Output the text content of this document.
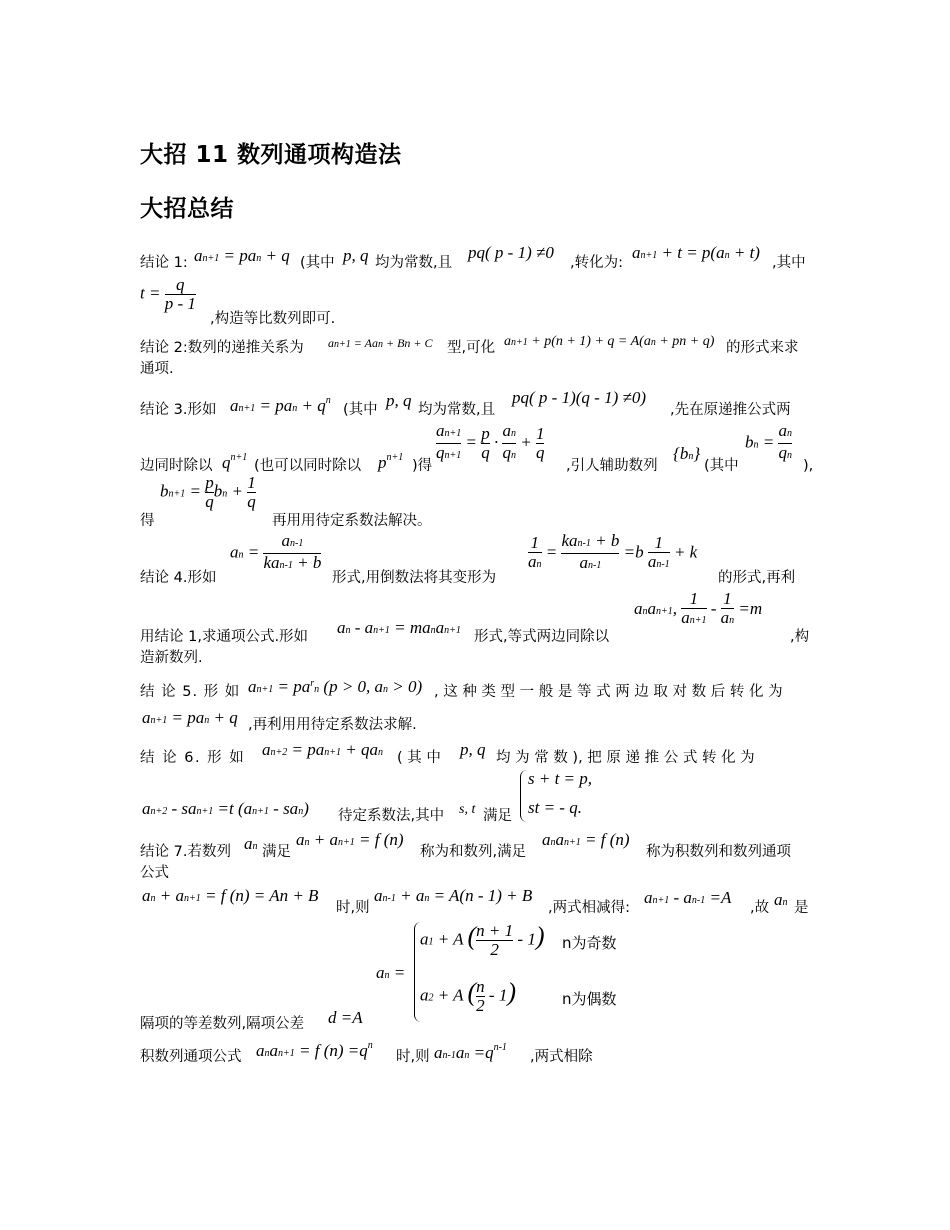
大招 11 数列通项构造法
大招总结
结论 1: an+1 = pan + q (其中 p, q 均为常数,且
pq( p - 1) ≠0
,转化为:
an+1 + t = p(an + t)
,其中
$t = \frac{q}{p - 1}$
,构造等比数列即可.
结论 2:数列的递推关系为 an+1 = Aan + Bn + C 型,可化 an+1 + p(n + 1) + q = A(an + pn + q) 的形式来求
通项.
结论 3.形如 an+1 = pan + $q^n$
(其中 p, q 均为常数,且
pq( p - 1)(q - 1) ≠0)
,先在原递推公式两
边同时除以 $q^{n+1}$
(也可以同时除以 $p^{n+1}$
)得
$\frac{an+1}{qn+1} = \frac{p}{q} \cdot \frac{an}{qn} + \frac{1}{q}$
,引人辅助数列
{bn}
(其中
bn = $\frac{an}{qn}$
),
$bn+1 = \frac{p}{q}$ bn + $\frac{1}{q}$
得	再用用待定系数法解决。
结论 4.形如
an = $\frac{an-1}{\text{kan-1 + b}}$
形式,用倒数法将其变形为
$\frac{1}{an} = \frac{\text{kan-1 + b}}{an-1} =b \frac{1}{an-1} + k$
的形式,再利
用结论 1,求通项公式.形如 an - an+1 = manan+1 形式,等式两边同除以
anan+1, $\frac{1}{an+1} - \frac{1}{an} =m$
,构
造新数列.
结 论 5. 形 如 $an+1 = pa^rn$ (p > 0, an > 0) , 这 种 类 型 一 般 是 等 式 两 边 取 对 数 后 转 化 为
an+1 = pan + q ,再利用用待定系数法求解.
结 论 6. 形 如 an+2 = pan+1 + qan ( 其 中 p, q 均 为 常 数 ), 把 原 递 推 公 式 转 化 为
an+2 - san+1 =t (an+1 - san) 待定系数法,其中 s, t 满足
s + t = p,
st = - q.
结论 7.若数列 an 满足
an + an+1 = f (n)
称为和数列,满足
anan+1 = f (n)
称为积数列和数列通项
公式
an + an+1 = f (n) = An + B
时,则
an-1 + an = A(n - 1) + B
,两式相减得:
an+1 - an-1 =A
,故 an 是
an =
a1 + A ( $\frac{n + 1}{2} - 1$) n为奇数
a2 + A ( $\frac{n}{2} - 1$)	n为偶数
隔项的等差数列,隔项公差 d =A
积数列通项公式 anan+1 = f $(n) =q^n$
时,则 $an-1an =q^{n-1}$
,两式相除
